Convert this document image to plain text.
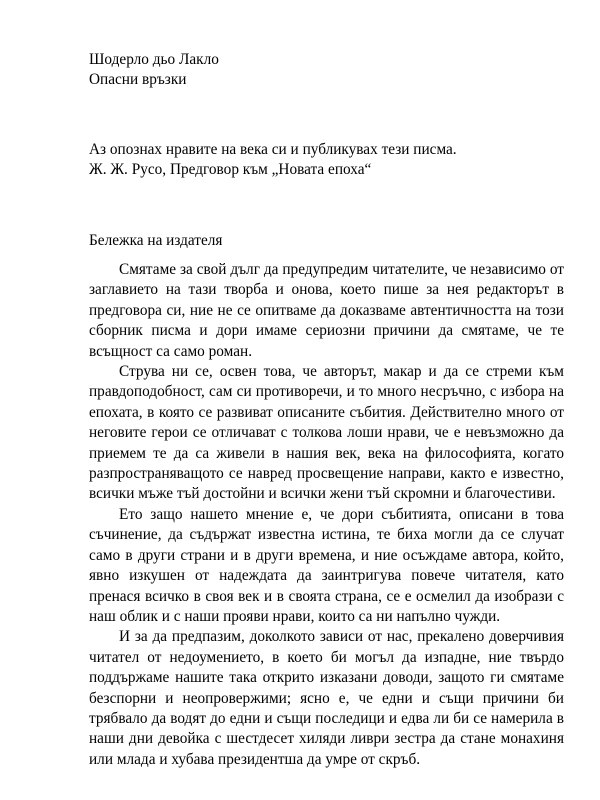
Шодерло дьо Лакло
Опасни връзки
Аз опознах нравите на века си и публикувах тези писма.
Ж. Ж. Русо, Предговор към „Новата епоха“
Бележка на издателя

Смятаме за свой дълг да предупредим читателите, че независимо от заглавието на тази творба и онова, което пише за нея редакторът в предговора си, ние не се опитваме да доказваме автентичността на този сборник писма и дори имаме сериозни причини да смятаме, че те всъщност са само роман.

Струва ни се, освен това, че авторът, макар и да се стреми към правдоподобност, сам си противоречи, и то много несръчно, с избора на епохата, в която се развиват описаните събития. Действително много от неговите герои се отличават с толкова лоши нрави, че е невъзможно да приемем те да са живели в нашия век, века на философията, когато разпространяващото се навред просвещение направи, както е известно, всички мъже тъй достойни и всички жени тъй скромни и благочестиви.

Ето защо нашето мнение е, че дори събитията, описани в това съчинение, да съдържат известна истина, те биха могли да се случат само в други страни и в други времена, и ние осъждаме автора, който, явно изкушен от надеждата да заинтригува повече читателя, като пренася всичко в своя век и в своята страна, се е осмелил да изобрази с наш облик и с наши прояви нрави, които са ни напълно чужди.

И за да предпазим, доколкото зависи от нас, прекалено доверчивия читател от недоумението, в което би могъл да изпадне, ние твърдо поддържаме нашите така открито изказани доводи, защото ги смятаме безспорни и неопровержими; ясно е, че едни и същи причини би трябвало да водят до едни и същи последици и едва ли би се намерила в наши дни девойка с шестдесет хиляди ливри зестра да стане монахиня или млада и хубава президентша да умре от скръб.
